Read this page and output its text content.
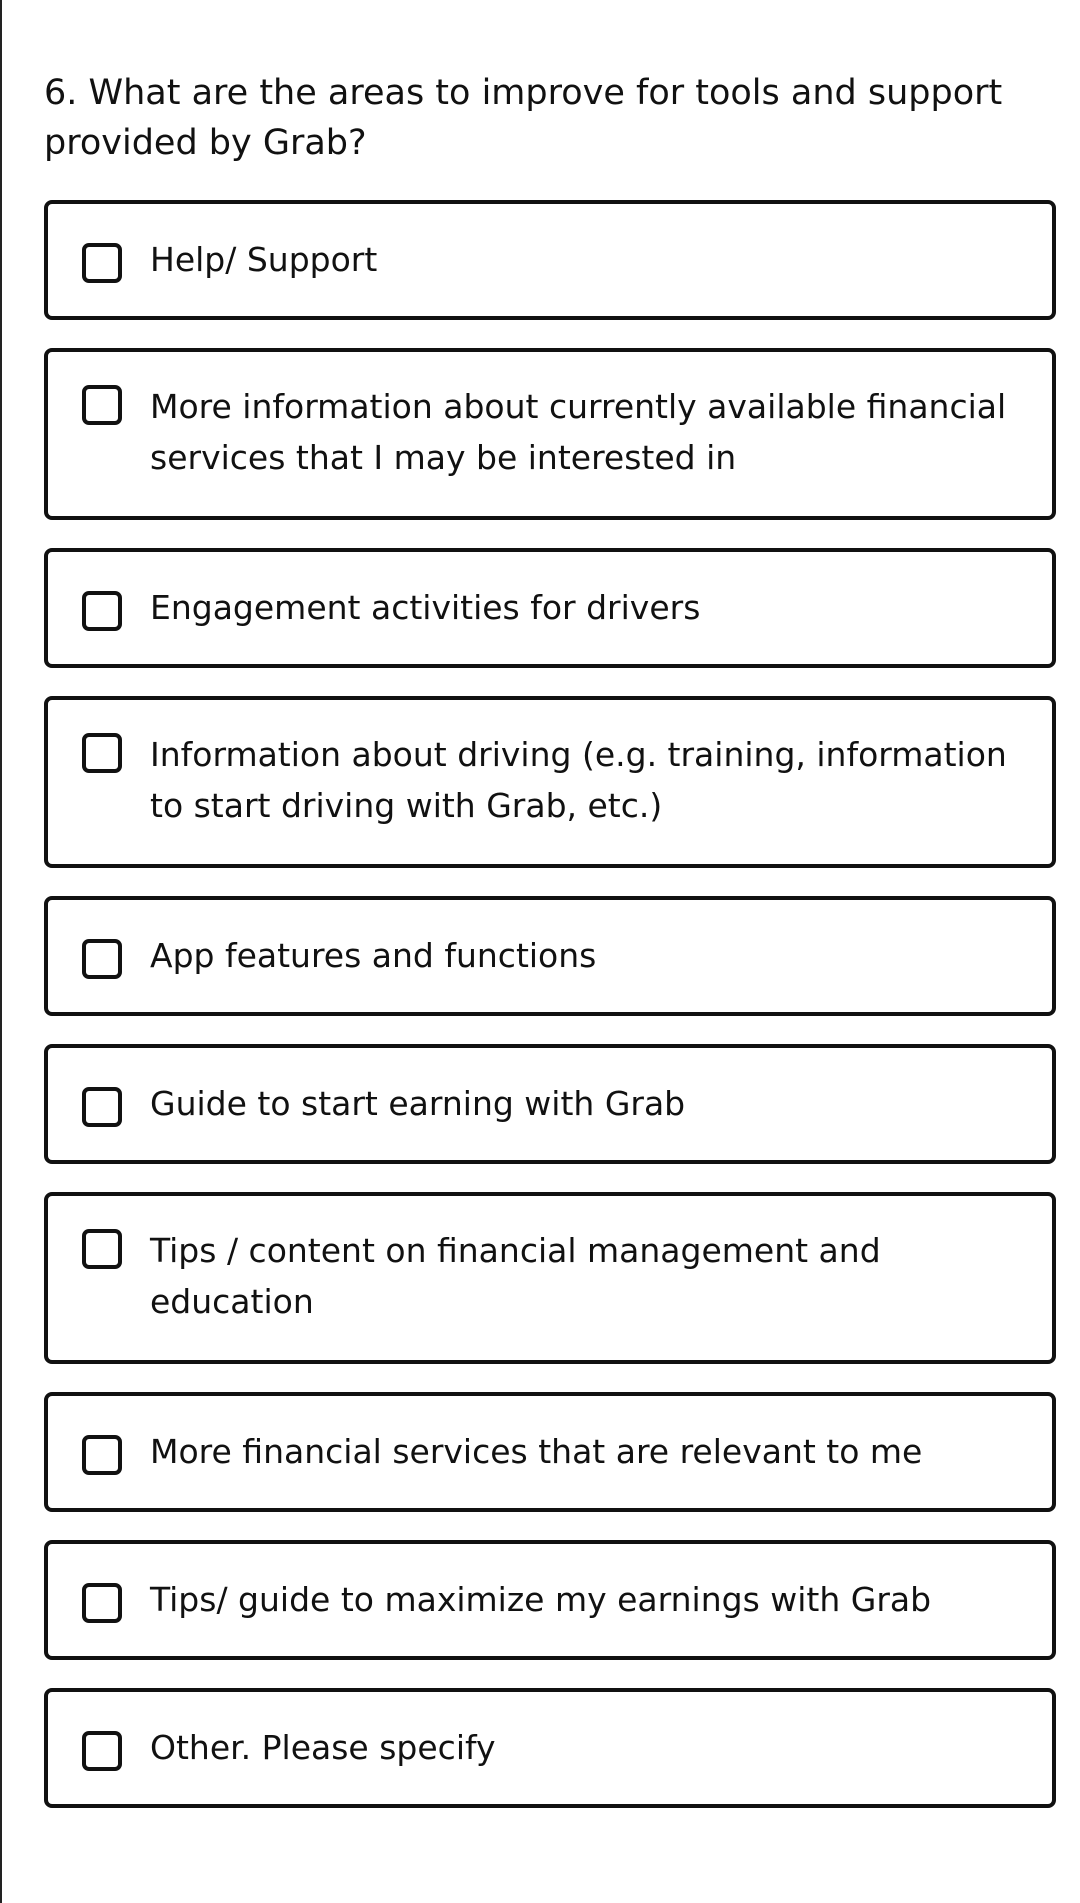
6. What are the areas to improve for tools and support provided by Grab?
Help/ Support
More information about currently available financial services that I may be interested in
Engagement activities for drivers
Information about driving (e.g. training, information to start driving with Grab, etc.)
App features and functions
Guide to start earning with Grab
Tips / content on financial management and education
More financial services that are relevant to me
Tips/ guide to maximize my earnings with Grab
Other. Please specify
